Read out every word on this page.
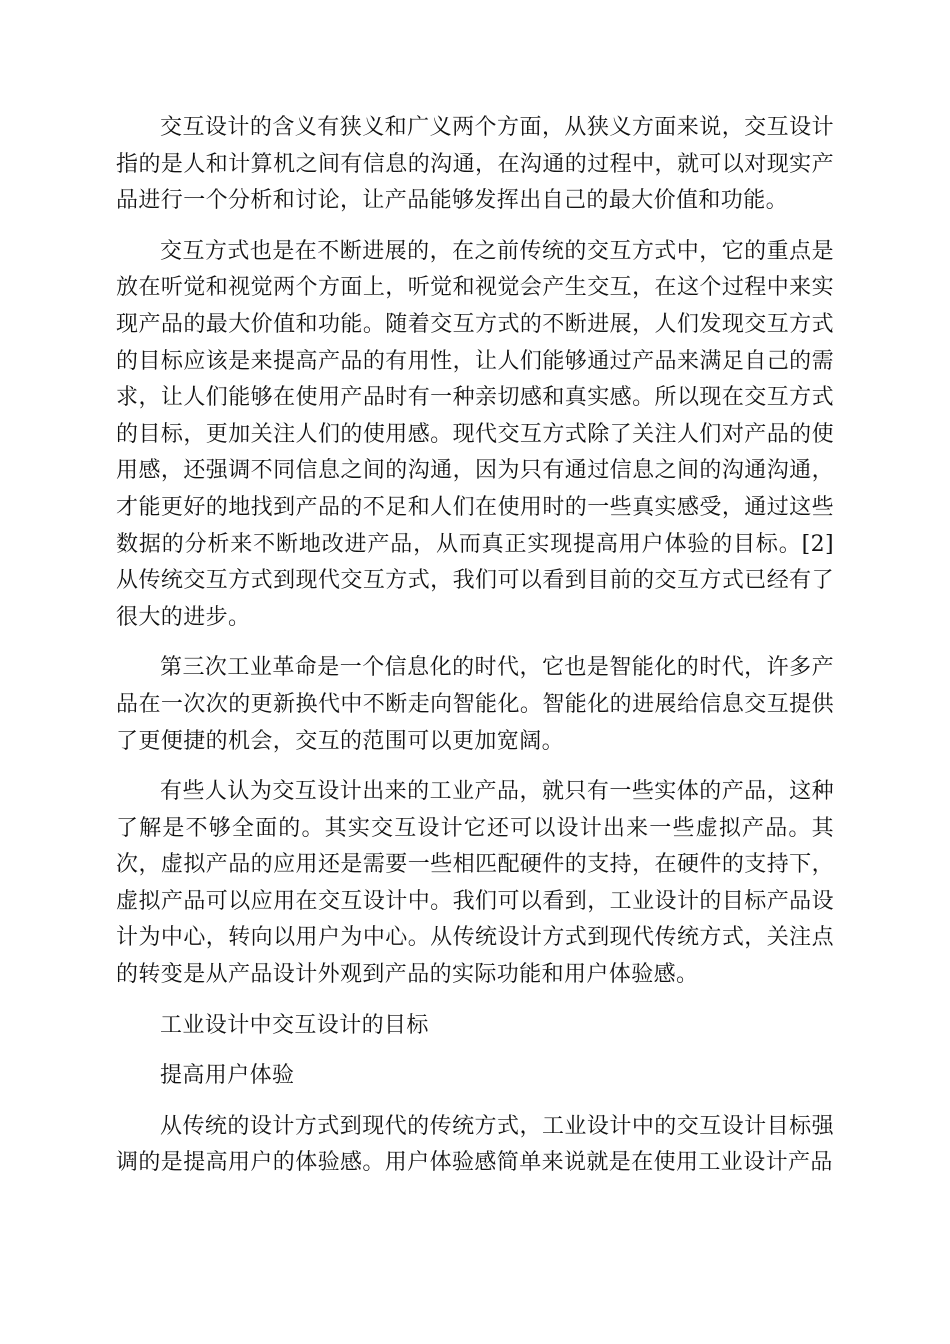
交互设计的含义有狭义和广义两个方面，从狭义方面来说，交互设计指的是人和计算机之间有信息的沟通，在沟通的过程中，就可以对现实产品进行一个分析和讨论，让产品能够发挥出自己的最大价值和功能。

交互方式也是在不断进展的，在之前传统的交互方式中，它的重点是放在听觉和视觉两个方面上，听觉和视觉会产生交互，在这个过程中来实现产品的最大价值和功能。随着交互方式的不断进展，人们发现交互方式的目标应该是来提高产品的有用性，让人们能够通过产品来满足自己的需求，让人们能够在使用产品时有一种亲切感和真实感。所以现在交互方式的目标，更加关注人们的使用感。现代交互方式除了关注人们对产品的使用感，还强调不同信息之间的沟通，因为只有通过信息之间的沟通沟通，才能更好的地找到产品的不足和人们在使用时的一些真实感受，通过这些数据的分析来不断地改进产品，从而真正实现提高用户体验的目标。[2] 从传统交互方式到现代交互方式，我们可以看到目前的交互方式已经有了很大的进步。

第三次工业革命是一个信息化的时代，它也是智能化的时代，许多产品在一次次的更新换代中不断走向智能化。智能化的进展给信息交互提供了更便捷的机会，交互的范围可以更加宽阔。

有些人认为交互设计出来的工业产品，就只有一些实体的产品，这种了解是不够全面的。其实交互设计它还可以设计出来一些虚拟产品。其次，虚拟产品的应用还是需要一些相匹配硬件的支持，在硬件的支持下，虚拟产品可以应用在交互设计中。我们可以看到，工业设计的目标产品设计为中心，转向以用户为中心。从传统设计方式到现代传统方式，关注点的转变是从产品设计外观到产品的实际功能和用户体验感。

工业设计中交互设计的目标

提高用户体验

从传统的设计方式到现代的传统方式，工业设计中的交互设计目标强调的是提高用户的体验感。用户体验感简单来说就是在使用工业设计产品
